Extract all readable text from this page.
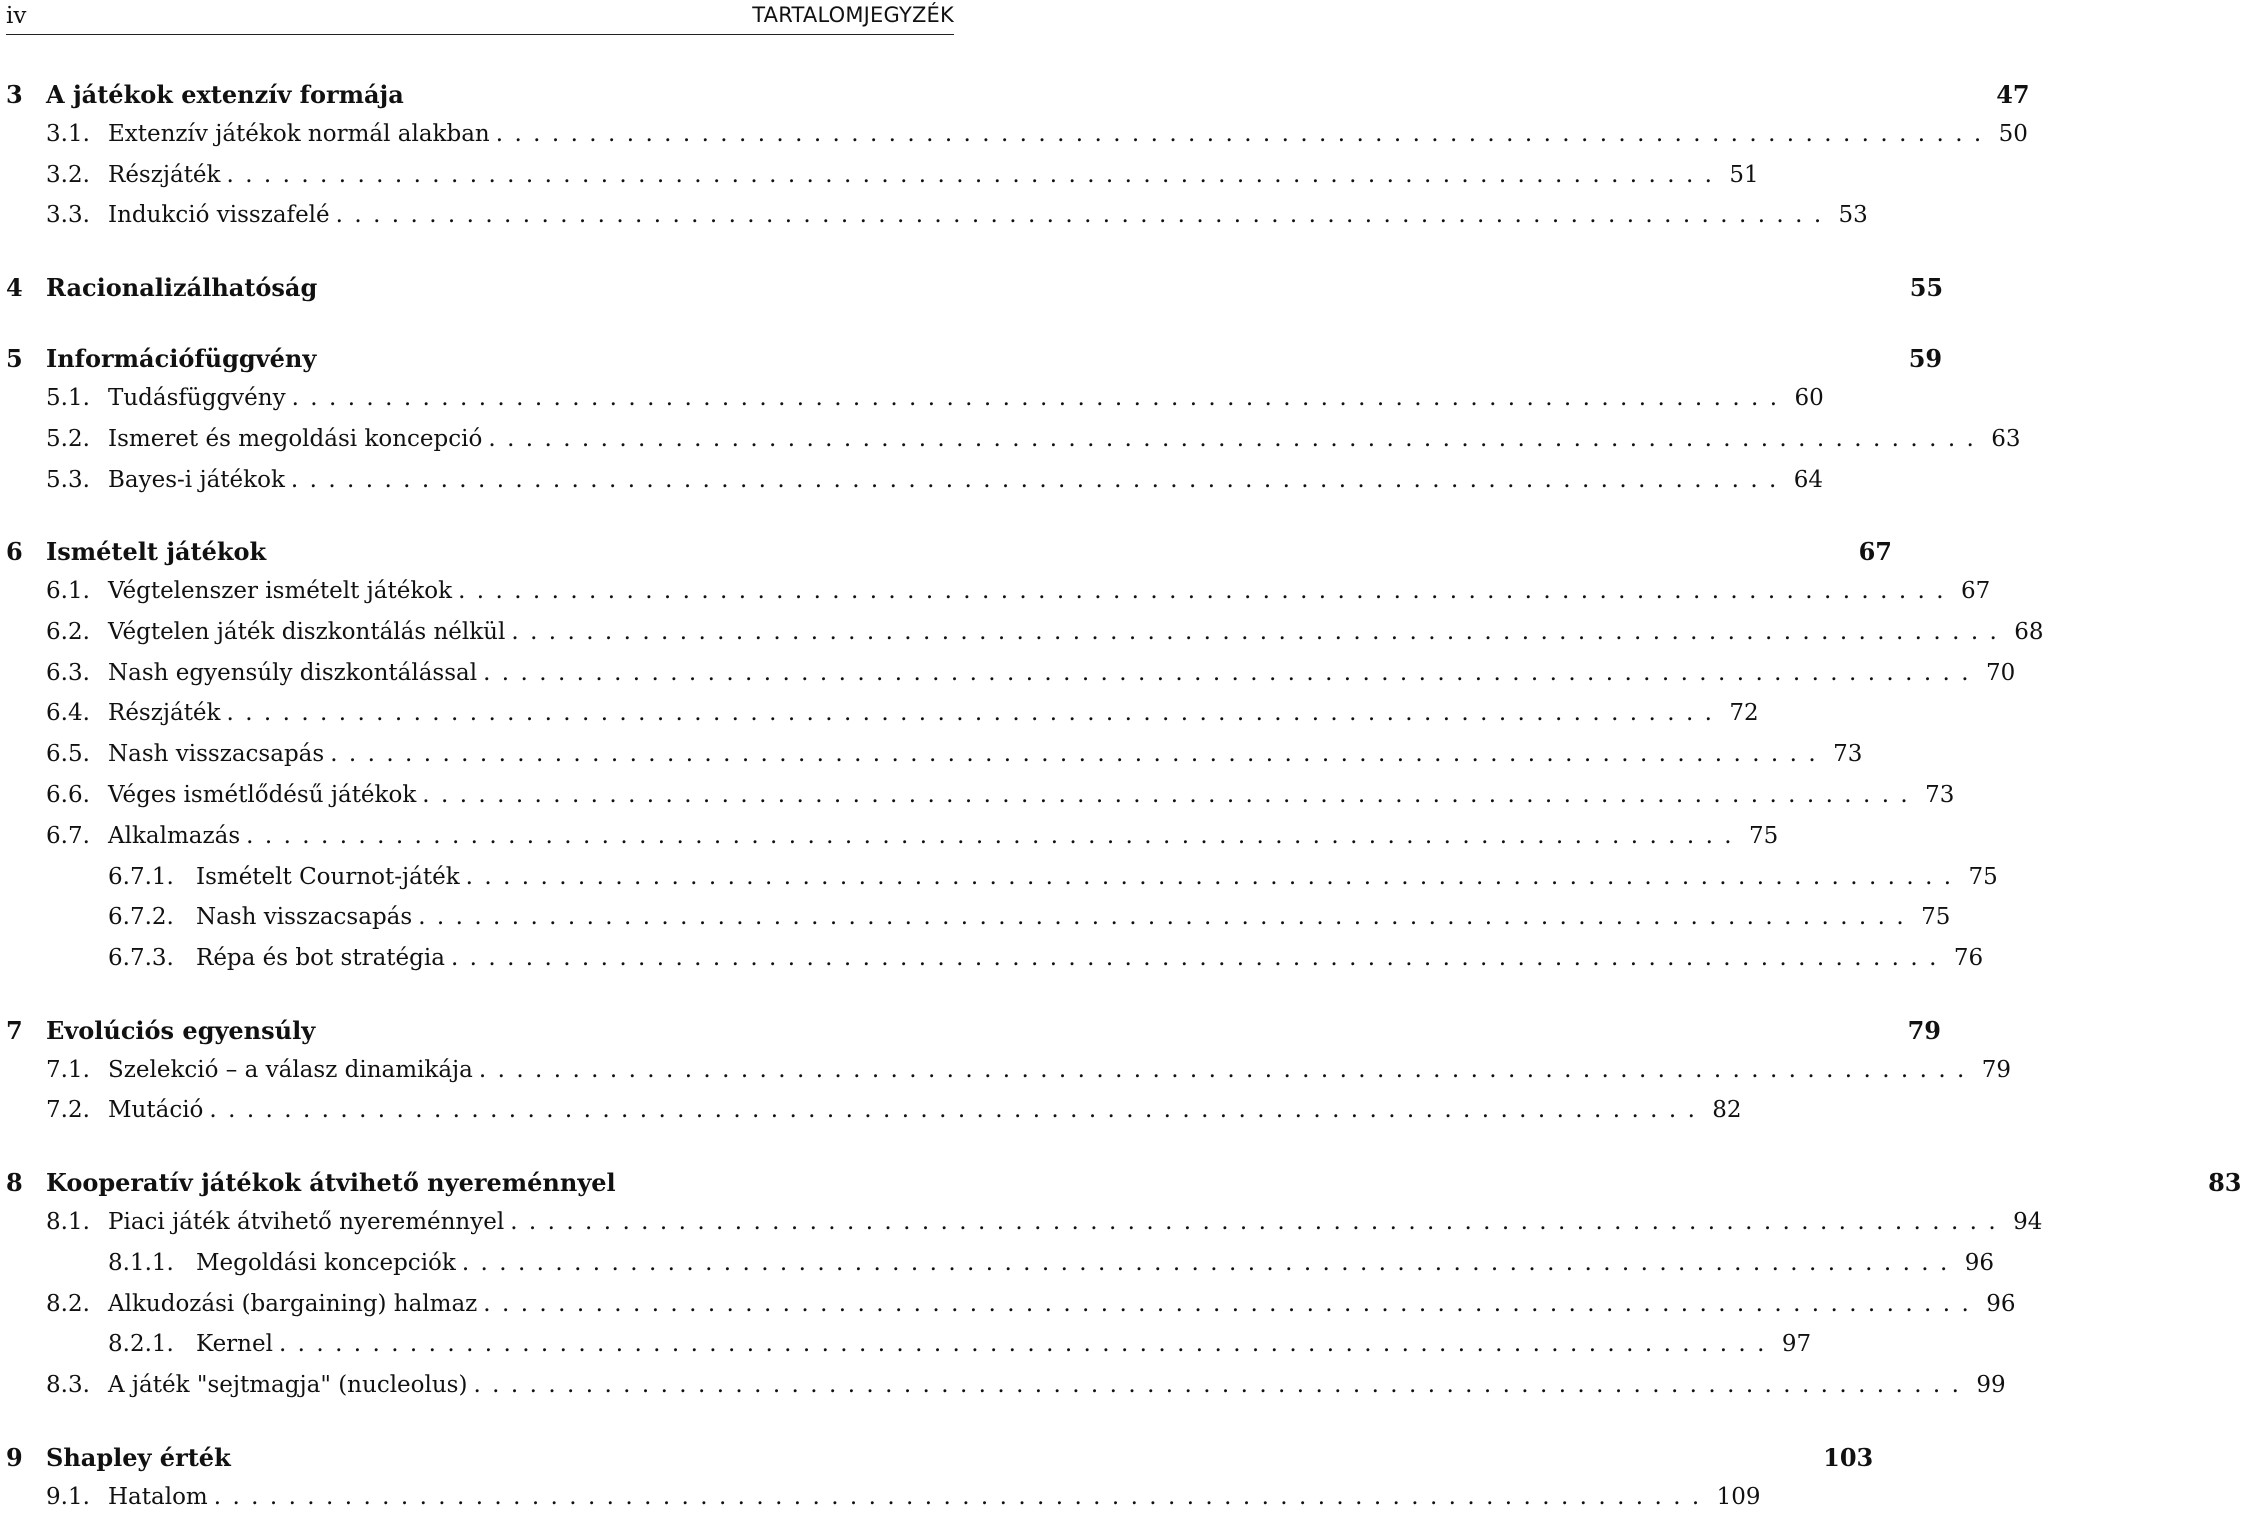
iv	TARTALOMJEGYZÉK
3 A játékok extenzív formája	47
3.1. Extenzív játékok normál alakban ................................................................................ 50
3.2. Részjáték ................................................................................ 51
3.3. Indukció visszafelé ................................................................................ 53
4 Racionalizálhatóság	55
5 Információfüggvény	59
5.1. Tudásfüggvény ................................................................................ 60
5.2. Ismeret és megoldási koncepció ................................................................................ 63
5.3. Bayes-i játékok ................................................................................ 64
6 Ismételt játékok	67
6.1. Végtelenszer ismételt játékok ................................................................................ 67
6.2. Végtelen játék diszkontálás nélkül ................................................................................ 68
6.3. Nash egyensúly diszkontálással ................................................................................ 70
6.4. Részjáték ................................................................................ 72
6.5. Nash visszacsapás ................................................................................ 73
6.6. Véges ismétlődésű játékok ................................................................................ 73
6.7. Alkalmazás ................................................................................ 75
6.7.1. Ismételt Cournot-játék ................................................................................ 75
6.7.2. Nash visszacsapás ................................................................................ 75
6.7.3. Répa és bot stratégia ................................................................................ 76
7 Evolúciós egyensúly	79
7.1. Szelekció – a válasz dinamikája ................................................................................ 79
7.2. Mutáció ................................................................................ 82
8 Kooperatív játékok átvihető nyereménnyel	83
8.1. Piaci játék átvihető nyereménnyel ................................................................................ 94
8.1.1. Megoldási koncepciók ................................................................................ 96
8.2. Alkudozási (bargaining) halmaz ................................................................................ 96
8.2.1. Kernel ................................................................................ 97
8.3. A játék "sejtmagja" (nucleolus) ................................................................................ 99
9 Shapley érték	103
9.1. Hatalom ................................................................................ 109
